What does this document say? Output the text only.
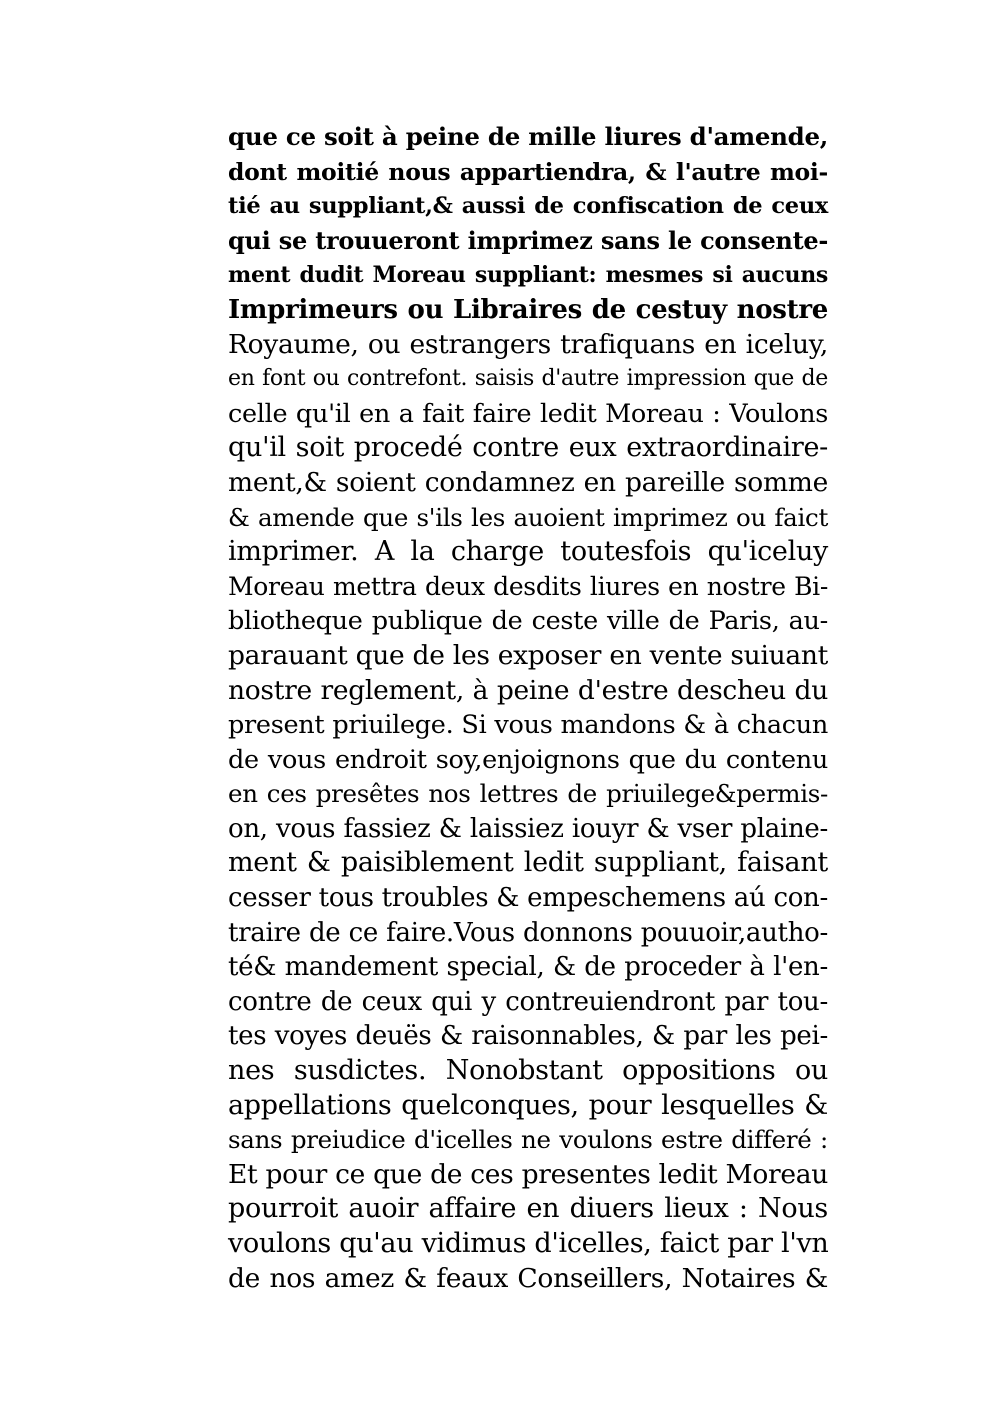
que ce soit à peine de mille liures d'amende,
dont moitié nous appartiendra, & l'autre moi-
tié au suppliant,& aussi de confiscation de ceux
qui se trouueront imprimez sans le consente-
ment dudit Moreau suppliant: mesmes si aucuns
Imprimeurs ou Libraires de cestuy nostre
Royaume, ou estrangers trafiquans en iceluy,
en font ou contrefont. saisis d'autre impression que de
celle qu'il en a fait faire ledit Moreau : Voulons
qu'il soit procedé contre eux extraordinaire-
ment,& soient condamnez en pareille somme
& amende que s'ils les auoient imprimez ou faict
imprimer. A la charge toutesfois qu'iceluy
Moreau mettra deux desdits liures en nostre Bi-
bliotheque publique de ceste ville de Paris, au-
parauant que de les exposer en vente suiuant
nostre reglement, à peine d'estre descheu du
present priuilege. Si vous mandons & à chacun
de vous endroit soy,enjoignons que du contenu
en ces presêtes nos lettres de priuilege&permis-
on, vous fassiez & laissiez iouyr & vser plaine-
ment & paisiblement ledit suppliant, faisant
cesser tous troubles & empeschemens aú con-
traire de ce faire.Vous donnons pouuoir,autho-
té& mandement special, & de proceder à l'en-
contre de ceux qui y contreuiendront par tou-
tes voyes deuës & raisonnables, & par les pei-
nes susdictes. Nonobstant oppositions ou
appellations quelconques, pour lesquelles &
sans preiudice d'icelles ne voulons estre differé :
Et pour ce que de ces presentes ledit Moreau
pourroit auoir affaire en diuers lieux : Nous
voulons qu'au vidimus d'icelles, faict par l'vn
de nos amez & feaux Conseillers, Notaires &
